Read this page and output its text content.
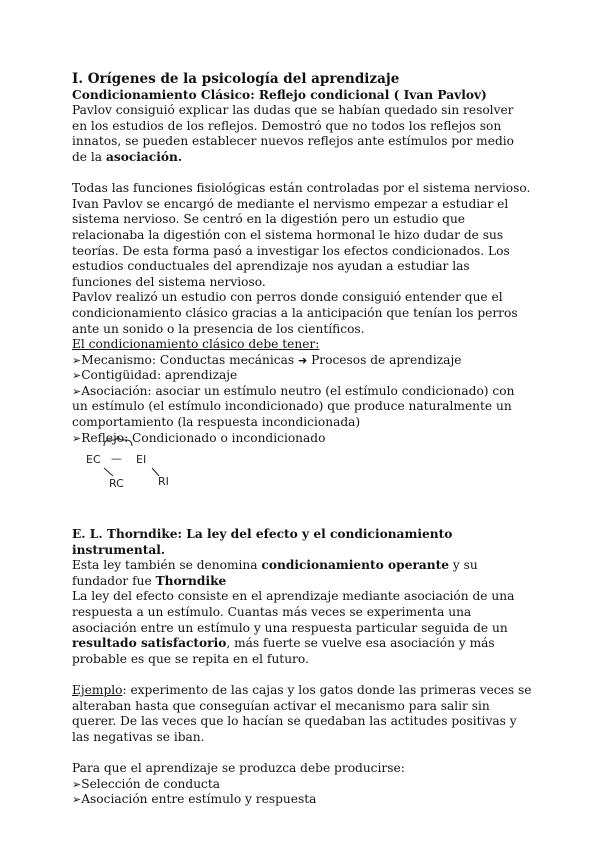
I. Orígenes de la psicología del aprendizaje

Condicionamiento Clásico: Reflejo condicional ( Ivan Pavlov)

Pavlov consiguió explicar las dudas que se habían quedado sin resolver en los estudios de los reflejos. Demostró que no todos los reflejos son innatos, se pueden establecer nuevos reflejos ante estímulos por medio de la asociación.

Todas las funciones fisiológicas están controladas por el sistema nervioso.

Ivan Pavlov se encargó de mediante el nervismo empezar a estudiar el sistema nervioso. Se centró en la digestión pero un estudio que relacionaba la digestión con el sistema hormonal le hizo dudar de sus teorías. De esta forma pasó a investigar los efectos condicionados. Los estudios conductuales del aprendizaje nos ayudan a estudiar las funciones del sistema nervioso.

Pavlov realizó un estudio con perros donde consiguió entender que el condicionamiento clásico gracias a la anticipación que tenían los perros ante un sonido o la presencia de los científicos.

El condicionamiento clásico debe tener:

➢Mecanismo: Conductas mecánicas ➜ Procesos de aprendizaje

➢Contigüidad: aprendizaje

➢Asociación: asociar un estímulo neutro (el estímulo condicionado) con un estímulo (el estímulo incondicionado) que produce naturalmente un comportamiento (la respuesta incondicionada)

➢Reflejo: Condicionado o incondicionado

EC — EI
RC	RI

E. L. Thorndike: La ley del efecto y el condicionamiento instrumental.

Esta ley también se denomina condicionamiento operante y su fundador fue Thorndike

La ley del efecto consiste en el aprendizaje mediante asociación de una respuesta a un estímulo. Cuantas más veces se experimenta una asociación entre un estímulo y una respuesta particular seguida de un resultado satisfactorio, más fuerte se vuelve esa asociación y más probable es que se repita en el futuro.

Ejemplo: experimento de las cajas y los gatos donde las primeras veces se alteraban hasta que conseguían activar el mecanismo para salir sin querer. De las veces que lo hacían se quedaban las actitudes positivas y las negativas se iban.

Para que el aprendizaje se produzca debe producirse:

➢Selección de conducta

➢Asociación entre estímulo y respuesta
